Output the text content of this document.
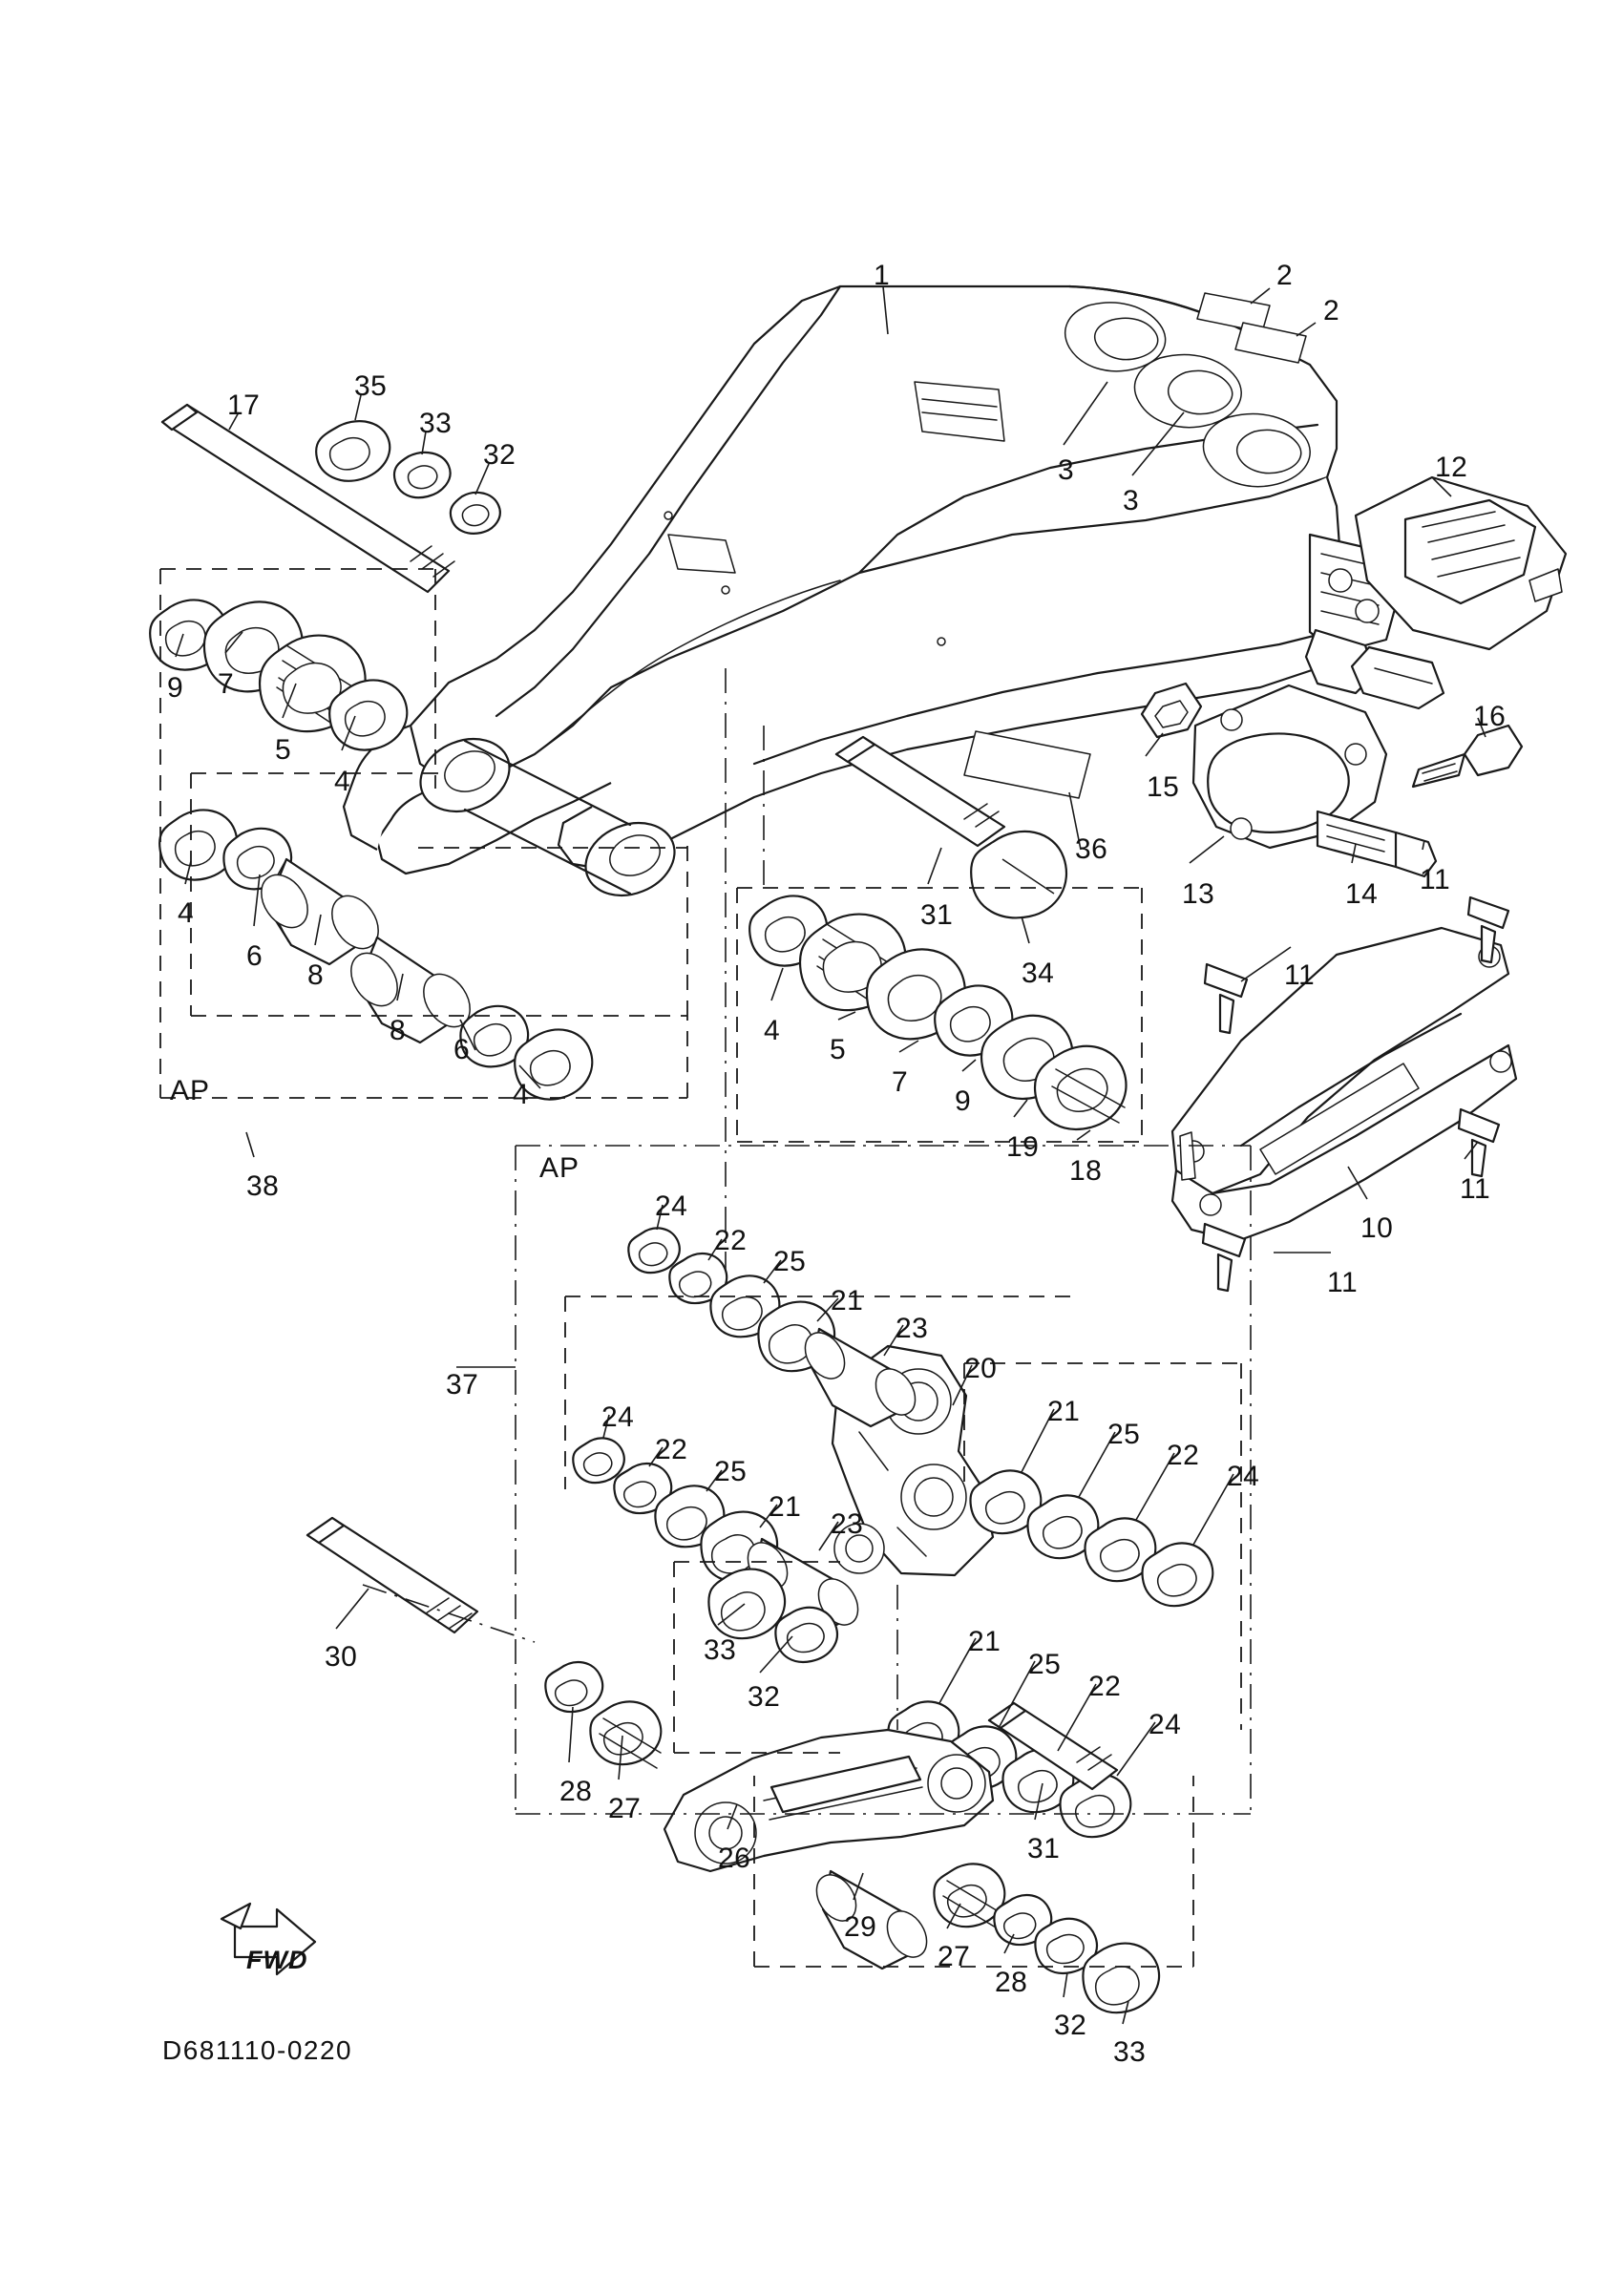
1	2
2
3
3
12
17
35
33
32
9 7
5
4	15
16
13	14 11
4
6
8
8
6
4
38
31
36
34
4
5
7
9
19
18
11
10
11
11
24
22
25
21
23
20
37
24
22
25
21
23
21
25
22
24
21
25
22
24
30	33
32
28
27
26	31
29
27
28
32
33
AP
AP
FWD
D681110-0220
